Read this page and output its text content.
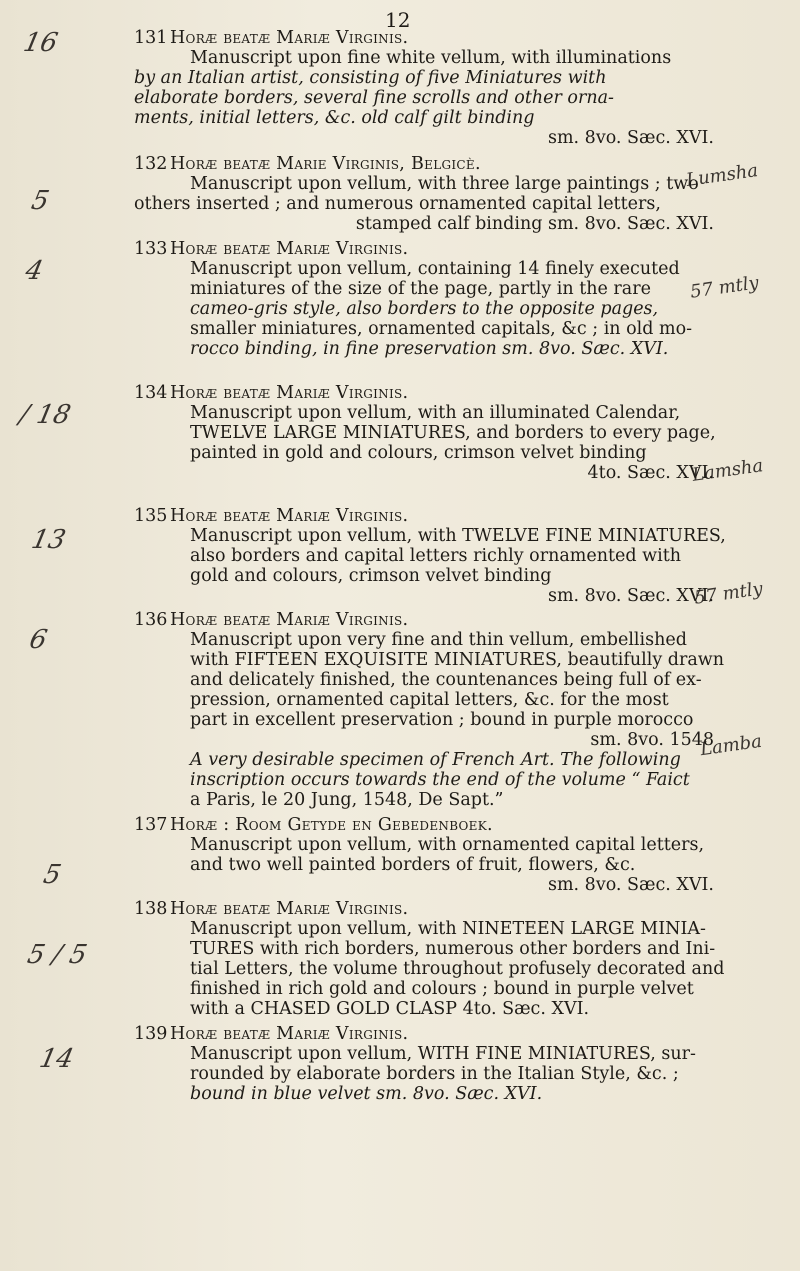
12
16
5
4
/ 18
13
6
5
5 / 5
14
Lumsha
57 mtly
Lamsha
57 mtly
Lamba
131 Horæ beatæ Mariæ Virginis.
Manuscript upon fine white vellum, with illuminations
by an Italian artist, consisting of five Miniatures with
elaborate borders, several fine scrolls and other orna-
ments, initial letters, &c. old calf gilt binding
sm. 8vo. Sæc. XVI.
132 Horæ beatæ Marie Virginis, Belgicè.
Manuscript upon vellum, with three large paintings ; two
others inserted ; and numerous ornamented capital letters,
stamped calf binding sm. 8vo. Sæc. XVI.
133 Horæ beatæ Mariæ Virginis.
Manuscript upon vellum, containing 14 finely executed
miniatures of the size of the page, partly in the rare
cameo-gris style, also borders to the opposite pages,
smaller miniatures, ornamented capitals, &c ; in old mo-
rocco binding, in fine preservation sm. 8vo. Sæc. XVI.
134 Horæ beatæ Mariæ Virginis.
Manuscript upon vellum, with an illuminated Calendar,
TWELVE LARGE MINIATURES, and borders to every page,
painted in gold and colours, crimson velvet binding
4to. Sæc. XVI.
135 Horæ beatæ Mariæ Virginis.
Manuscript upon vellum, with TWELVE FINE MINIATURES,
also borders and capital letters richly ornamented with
gold and colours, crimson velvet binding
sm. 8vo. Sæc. XVI.
136 Horæ beatæ Mariæ Virginis.
Manuscript upon very fine and thin vellum, embellished
with FIFTEEN EXQUISITE MINIATURES, beautifully drawn
and delicately finished, the countenances being full of ex-
pression, ornamented capital letters, &c. for the most
part in excellent preservation ; bound in purple morocco
sm. 8vo. 1548
A very desirable specimen of French Art. The following
inscription occurs towards the end of the volume “ Faict
a Paris, le 20 Jung, 1548, De Sapt.”
137 Horæ : Room Getyde en Gebedenboek.
Manuscript upon vellum, with ornamented capital letters,
and two well painted borders of fruit, flowers, &c.
sm. 8vo. Sæc. XVI.
138 Horæ beatæ Mariæ Virginis.
Manuscript upon vellum, with NINETEEN LARGE MINIA-
TURES with rich borders, numerous other borders and Ini-
tial Letters, the volume throughout profusely decorated and
finished in rich gold and colours ; bound in purple velvet
with a CHASED GOLD CLASP 4to. Sæc. XVI.
139 Horæ beatæ Mariæ Virginis.
Manuscript upon vellum, WITH FINE MINIATURES, sur-
rounded by elaborate borders in the Italian Style, &c. ;
bound in blue velvet sm. 8vo. Sæc. XVI.
